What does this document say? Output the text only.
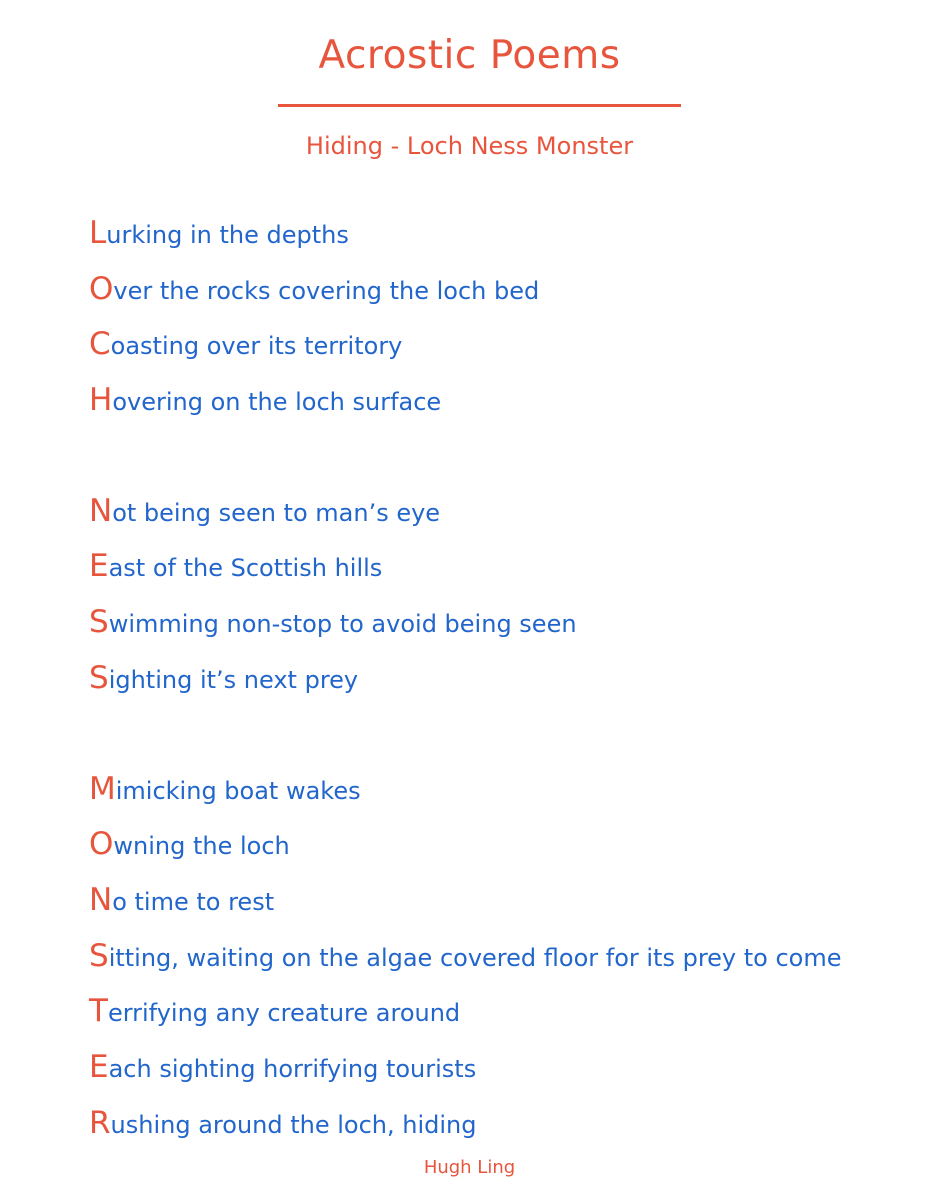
Acrostic Poems
Hiding - Loch Ness Monster
Lurking in the depths
Over the rocks covering the loch bed
Coasting over its territory
Hovering on the loch surface
Not being seen to man’s eye
East of the Scottish hills
Swimming non-stop to avoid being seen
Sighting it’s next prey
Mimicking boat wakes
Owning the loch
No time to rest
Sitting, waiting on the algae covered floor for its prey to come
Terrifying any creature around
Each sighting horrifying tourists
Rushing around the loch, hiding
Hugh Ling
